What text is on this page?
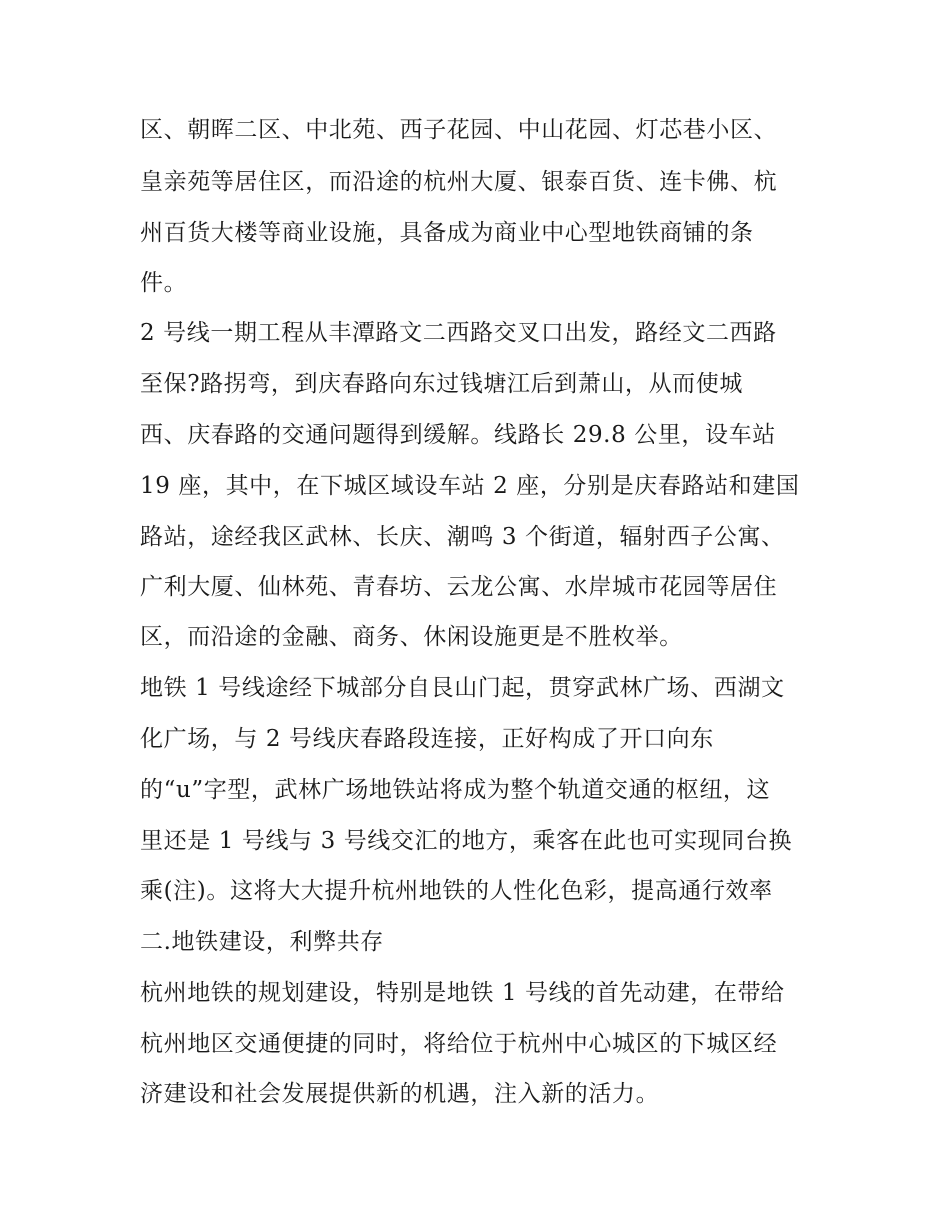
区、朝晖二区、中北苑、西子花园、中山花园、灯芯巷小区、
皇亲苑等居住区，而沿途的杭州大厦、银泰百货、连卡佛、杭
州百货大楼等商业设施，具备成为商业中心型地铁商铺的条
件。
2 号线一期工程从丰潭路文二西路交叉口出发，路经文二西路
至保?路拐弯，到庆春路向东过钱塘江后到萧山，从而使城
西、庆春路的交通问题得到缓解。线路长 29.8 公里，设车站
19 座，其中，在下城区域设车站 2 座，分别是庆春路站和建国
路站，途经我区武林、长庆、潮鸣 3 个街道，辐射西子公寓、
广利大厦、仙林苑、青春坊、云龙公寓、水岸城市花园等居住
区，而沿途的金融、商务、休闲设施更是不胜枚举。
地铁 1 号线途经下城部分自艮山门起，贯穿武林广场、西湖文
化广场，与 2 号线庆春路段连接，正好构成了开口向东
的“u”字型，武林广场地铁站将成为整个轨道交通的枢纽，这
里还是 1 号线与 3 号线交汇的地方，乘客在此也可实现同台换
乘(注)。这将大大提升杭州地铁的人性化色彩，提高通行效率
二.地铁建设，利弊共存
杭州地铁的规划建设，特别是地铁 1 号线的首先动建，在带给
杭州地区交通便捷的同时，将给位于杭州中心城区的下城区经
济建设和社会发展提供新的机遇，注入新的活力。
